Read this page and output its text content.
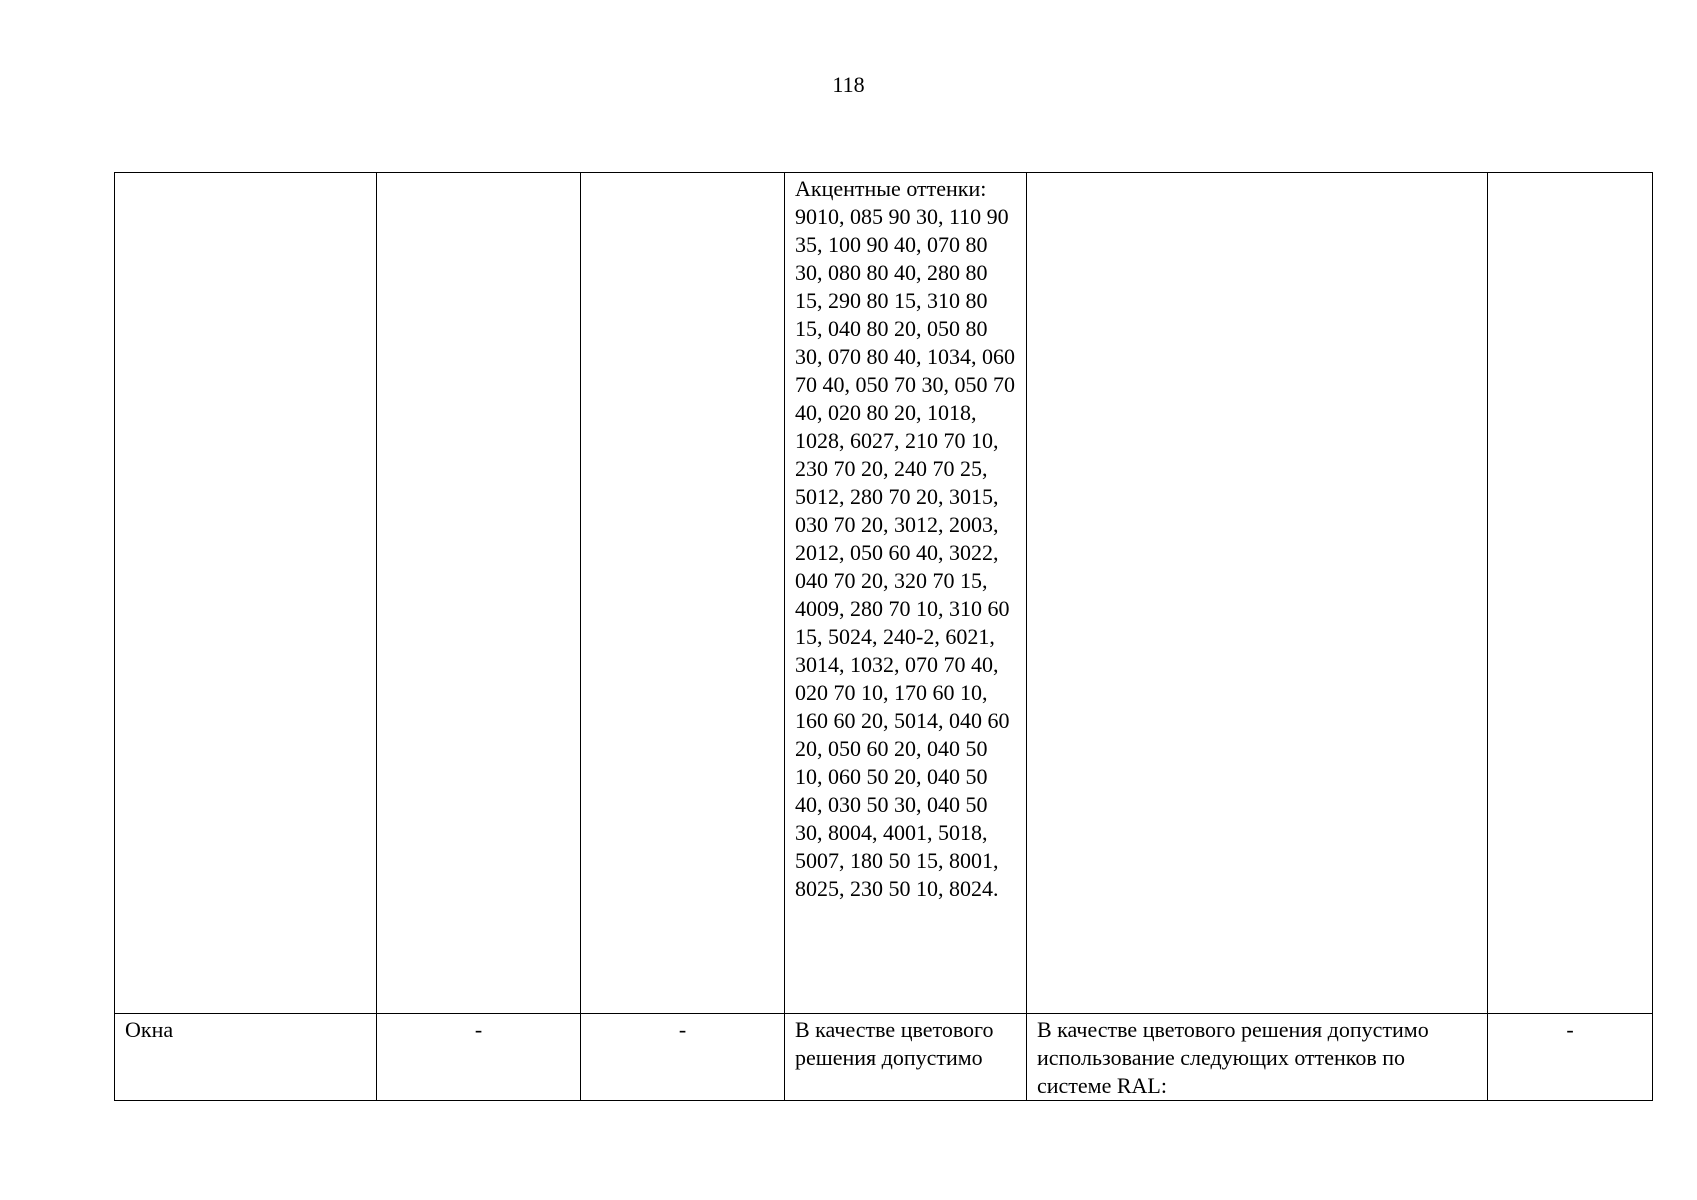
118
			Акцентные оттенки: 9010, 085 90 30, 110 90 35, 100 90 40, 070 80 30, 080 80 40, 280 80 15, 290 80 15, 310 80 15, 040 80 20, 050 80 30, 070 80 40, 1034, 060 70 40, 050 70 30, 050 70 40, 020 80 20, 1018, 1028, 6027, 210 70 10, 230 70 20, 240 70 25, 5012, 280 70 20, 3015, 030 70 20, 3012, 2003, 2012, 050 60 40, 3022, 040 70 20, 320 70 15, 4009, 280 70 10, 310 60 15, 5024, 240-2, 6021, 3014, 1032, 070 70 40, 020 70 10, 170 60 10, 160 60 20, 5014, 040 60 20, 050 60 20, 040 50 10, 060 50 20, 040 50 40, 030 50 30, 040 50 30, 8004, 4001, 5018, 5007, 180 50 15, 8001, 8025, 230 50 10, 8024.		
Окна	-	-	В качестве цветового решения допустимо	В качестве цветового решения допустимо использование следующих оттенков по системе RAL:	-
